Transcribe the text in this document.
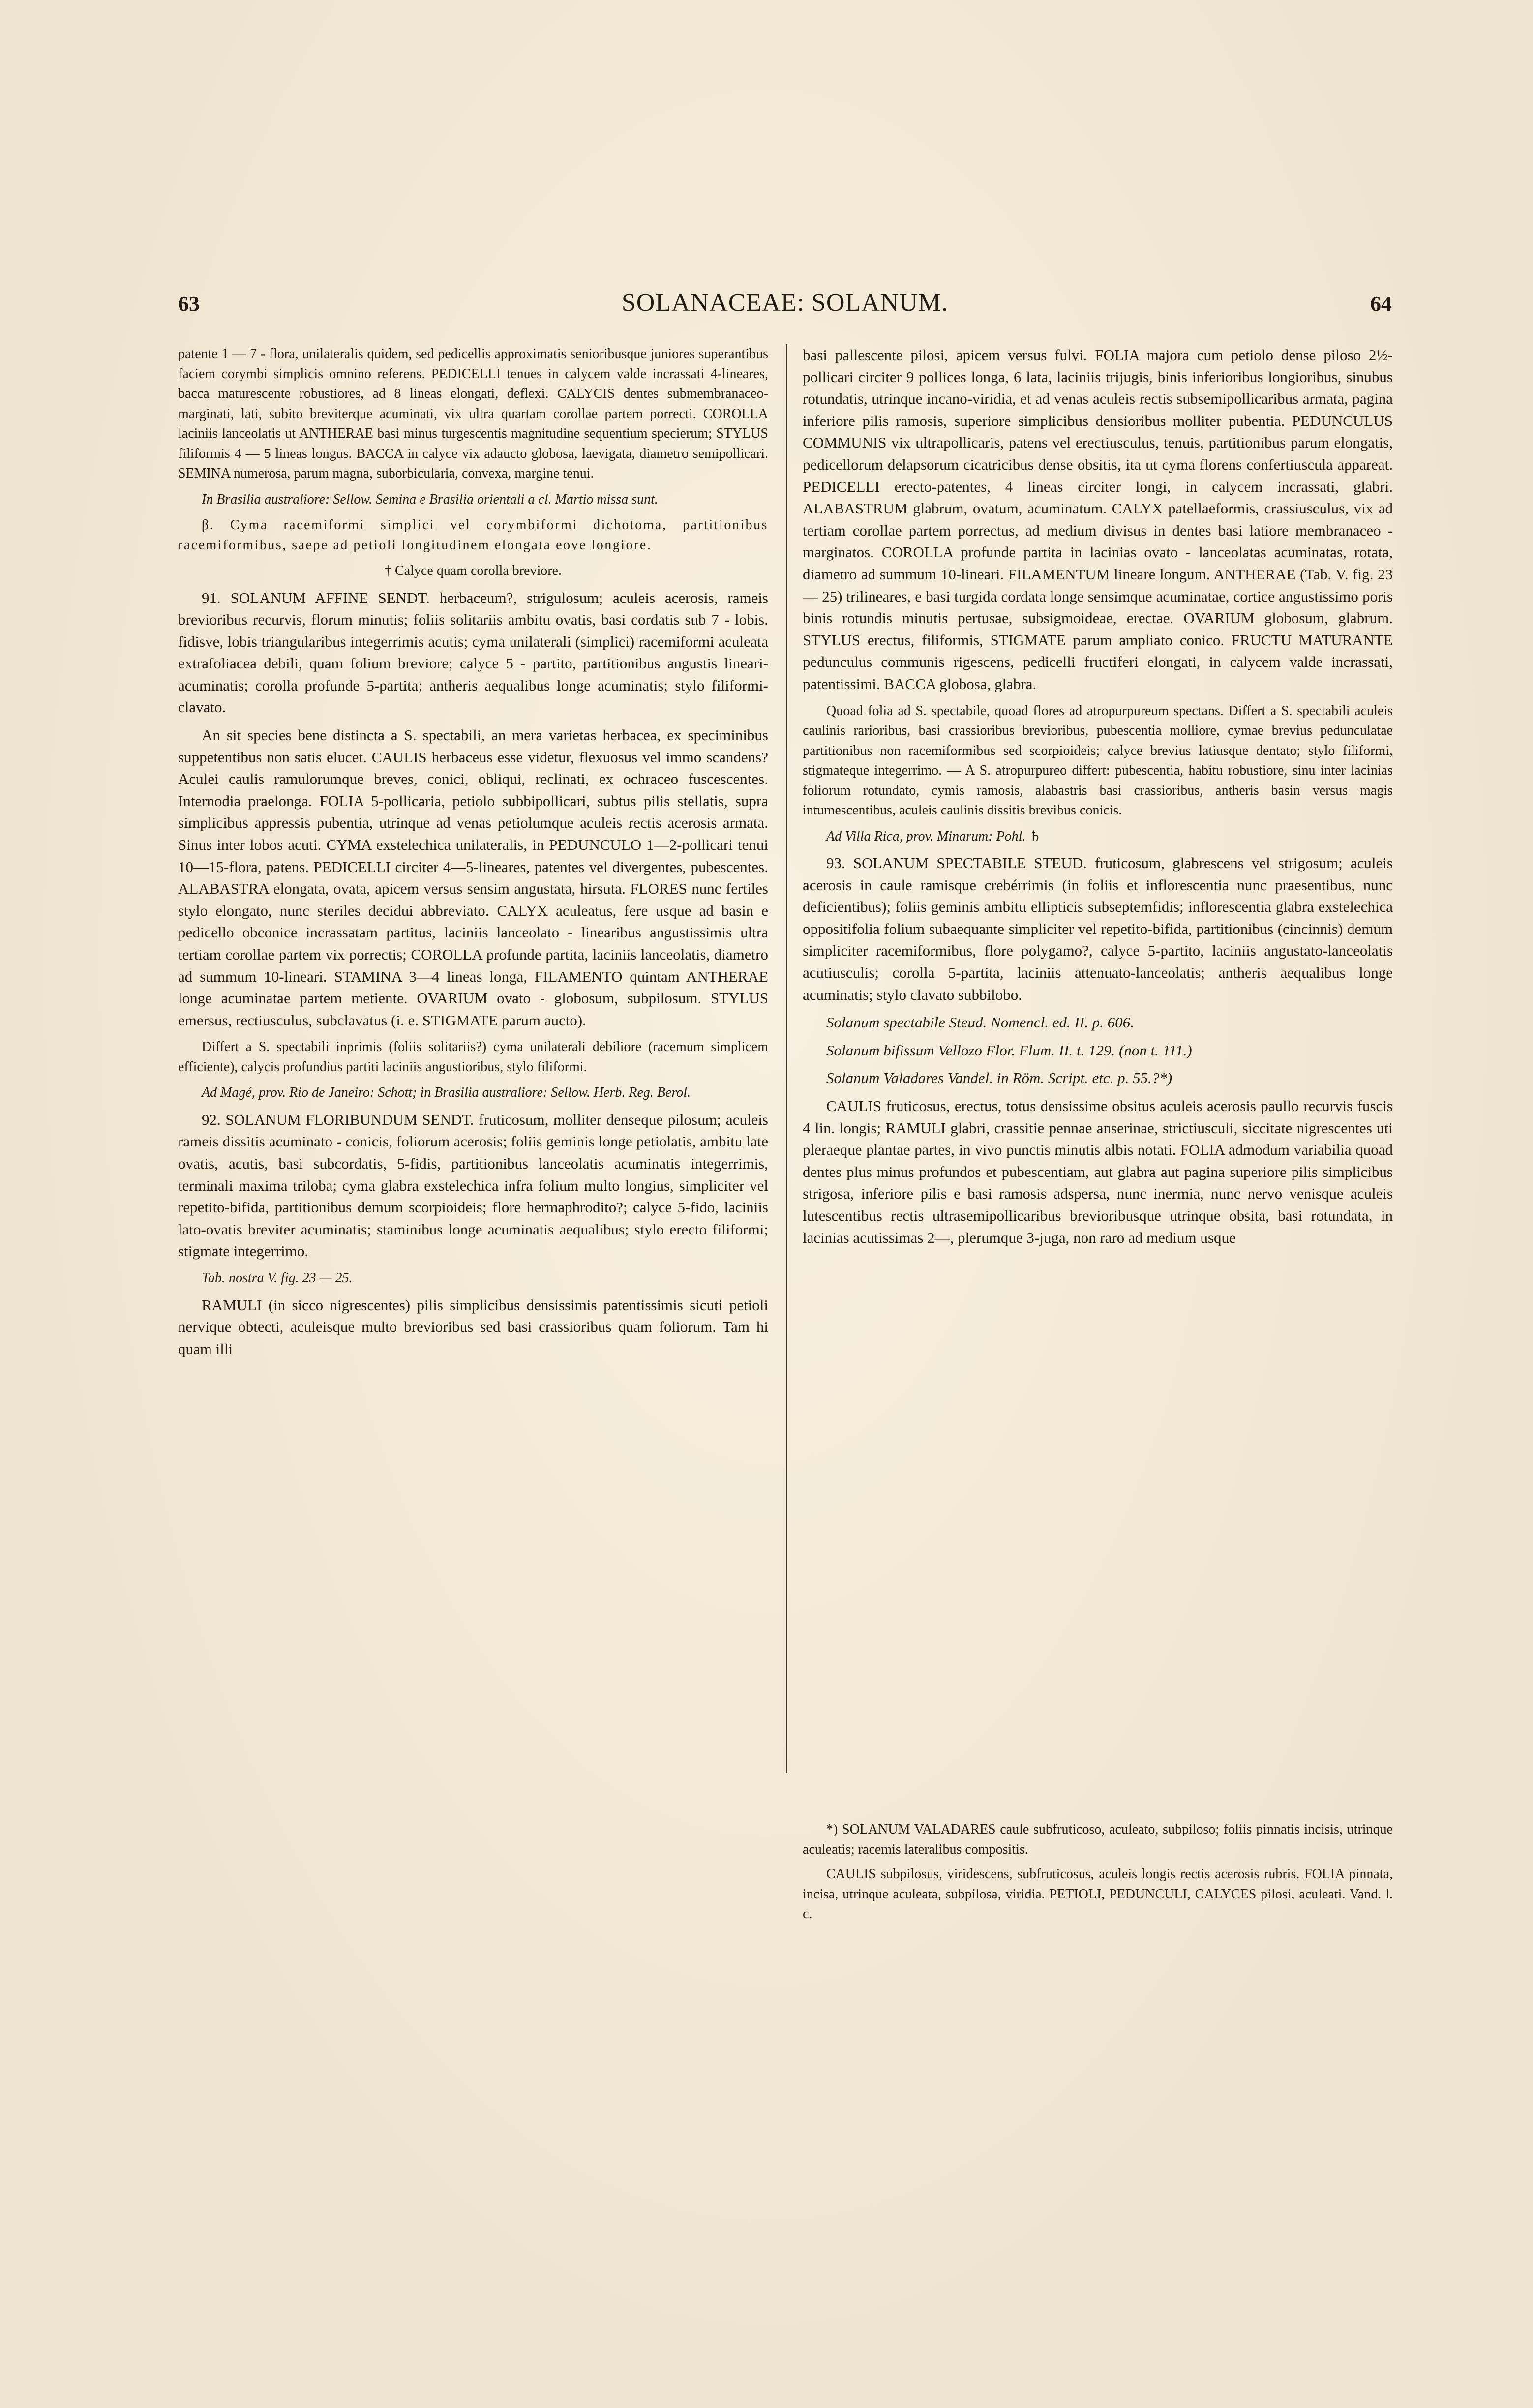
63	SOLANACEAE: SOLANUM.	64

patente 1 — 7 - flora, unilateralis quidem, sed pedicellis approximatis senioribusque juniores superantibus faciem corymbi simplicis omnino referens. PEDICELLI tenues in calycem valde incrassati 4-lineares, bacca maturescente robustiores, ad 8 lineas elongati, deflexi. CALYCIS dentes submembranaceo-marginati, lati, subito breviterque acuminati, vix ultra quartam corollae partem porrecti. COROLLA laciniis lanceolatis ut ANTHERAE basi minus turgescentis magnitudine sequentium specierum; STYLUS filiformis 4 — 5 lineas longus. BACCA in calyce vix adaucto globosa, laevigata, diametro semipollicari. SEMINA numerosa, parum magna, suborbicularia, convexa, margine tenui.

In Brasilia australiore: Sellow. Semina e Brasilia orientali a cl. Martio missa sunt.

β. Cyma racemiformi simplici vel corymbiformi dichotoma, partitionibus racemiformibus, saepe ad petioli longitudinem elongata eove longiore.

† Calyce quam corolla breviore.

91. SOLANUM AFFINE SENDT. herbaceum?, strigulosum; aculeis acerosis, rameis brevioribus recurvis, florum minutis; foliis solitariis ambitu ovatis, basi cordatis sub 7 - lobis. fidisve, lobis triangularibus integerrimis acutis; cyma unilaterali (simplici) racemiformi aculeata extrafoliacea debili, quam folium breviore; calyce 5 - partito, partitionibus angustis lineari-acuminatis; corolla profunde 5-partita; antheris aequalibus longe acuminatis; stylo filiformi-clavato.

An sit species bene distincta a S. spectabili, an mera varietas herbacea, ex speciminibus suppetentibus non satis elucet. CAULIS herbaceus esse videtur, flexuosus vel immo scandens? Aculei caulis ramulorumque breves, conici, obliqui, reclinati, ex ochraceo fuscescentes. Internodia praelonga. FOLIA 5-pollicaria, petiolo subbipollicari, subtus pilis stellatis, supra simplicibus appressis pubentia, utrinque ad venas petiolumque aculeis rectis acerosis armata. Sinus inter lobos acuti. CYMA exstelechica unilateralis, in PEDUNCULO 1—2-pollicari tenui 10—15-flora, patens. PEDICELLI circiter 4—5-lineares, patentes vel divergentes, pubescentes. ALABASTRA elongata, ovata, apicem versus sensim angustata, hirsuta. FLORES nunc fertiles stylo elongato, nunc steriles decidui abbreviato. CALYX aculeatus, fere usque ad basin e pedicello obconice incrassatam partitus, laciniis lanceolato - linearibus angustissimis ultra tertiam corollae partem vix porrectis; COROLLA profunde partita, laciniis lanceolatis, diametro ad summum 10-lineari. STAMINA 3—4 lineas longa, FILAMENTO quintam ANTHERAE longe acuminatae partem metiente. OVARIUM ovato - globosum, subpilosum. STYLUS emersus, rectiusculus, subclavatus (i. e. STIGMATE parum aucto).

Differt a S. spectabili inprimis (foliis solitariis?) cyma unilaterali debiliore (racemum simplicem efficiente), calycis profundius partiti laciniis angustioribus, stylo filiformi.

Ad Magé, prov. Rio de Janeiro: Schott; in Brasilia australiore: Sellow. Herb. Reg. Berol.

92. SOLANUM FLORIBUNDUM SENDT. fruticosum, molliter denseque pilosum; aculeis rameis dissitis acuminato - conicis, foliorum acerosis; foliis geminis longe petiolatis, ambitu late ovatis, acutis, basi subcordatis, 5-fidis, partitionibus lanceolatis acuminatis integerrimis, terminali maxima triloba; cyma glabra exstelechica infra folium multo longius, simpliciter vel repetito-bifida, partitionibus demum scorpioideis; flore hermaphrodito?; calyce 5-fido, laciniis lato-ovatis breviter acuminatis; staminibus longe acuminatis aequalibus; stylo erecto filiformi; stigmate integerrimo.

Tab. nostra V. fig. 23 — 25.

RAMULI (in sicco nigrescentes) pilis simplicibus densissimis patentissimis sicuti petioli nervique obtecti, aculeisque multo brevioribus sed basi crassioribus quam foliorum. Tam hi quam illi

basi pallescente pilosi, apicem versus fulvi. FOLIA majora cum petiolo dense piloso 2½-pollicari circiter 9 pollices longa, 6 lata, laciniis trijugis, binis inferioribus longioribus, sinubus rotundatis, utrinque incano-viridia, et ad venas aculeis rectis subsemipollicaribus armata, pagina inferiore pilis ramosis, superiore simplicibus densioribus molliter pubentia. PEDUNCULUS COMMUNIS vix ultrapollicaris, patens vel erectiusculus, tenuis, partitionibus parum elongatis, pedicellorum delapsorum cicatricibus dense obsitis, ita ut cyma florens confertiuscula appareat. PEDICELLI erecto-patentes, 4 lineas circiter longi, in calycem incrassati, glabri. ALABASTRUM glabrum, ovatum, acuminatum. CALYX patellaeformis, crassiusculus, vix ad tertiam corollae partem porrectus, ad medium divisus in dentes basi latiore membranaceo - marginatos. COROLLA profunde partita in lacinias ovato - lanceolatas acuminatas, rotata, diametro ad summum 10-lineari. FILAMENTUM lineare longum. ANTHERAE (Tab. V. fig. 23 — 25) trilineares, e basi turgida cordata longe sensimque acuminatae, cortice angustissimo poris binis rotundis minutis pertusae, subsigmoideae, erectae. OVARIUM globosum, glabrum. STYLUS erectus, filiformis, STIGMATE parum ampliato conico. FRUCTU MATURANTE pedunculus communis rigescens, pedicelli fructiferi elongati, in calycem valde incrassati, patentissimi. BACCA globosa, glabra.

Quoad folia ad S. spectabile, quoad flores ad atropurpureum spectans. Differt a S. spectabili aculeis caulinis rarioribus, basi crassioribus brevioribus, pubescentia molliore, cymae brevius pedunculatae partitionibus non racemiformibus sed scorpioideis; calyce brevius latiusque dentato; stylo filiformi, stigmateque integerrimo. — A S. atropurpureo differt: pubescentia, habitu robustiore, sinu inter lacinias foliorum rotundato, cymis ramosis, alabastris basi crassioribus, antheris basin versus magis intumescentibus, aculeis caulinis dissitis brevibus conicis.

Ad Villa Rica, prov. Minarum: Pohl. ♄

93. SOLANUM SPECTABILE STEUD. fruticosum, glabrescens vel strigosum; aculeis acerosis in caule ramisque crebérrimis (in foliis et inflorescentia nunc praesentibus, nunc deficientibus); foliis geminis ambitu ellipticis subseptemfidis; inflorescentia glabra exstelechica oppositifolia folium subaequante simpliciter vel repetito-bifida, partitionibus (cincinnis) demum simpliciter racemiformibus, flore polygamo?, calyce 5-partito, laciniis angustato-lanceolatis acutiusculis; corolla 5-partita, laciniis attenuato-lanceolatis; antheris aequalibus longe acuminatis; stylo clavato subbilobo.

Solanum spectabile Steud. Nomencl. ed. II. p. 606.

Solanum bifissum Vellozo Flor. Flum. II. t. 129. (non t. 111.)

Solanum Valadares Vandel. in Röm. Script. etc. p. 55.?*)

CAULIS fruticosus, erectus, totus densissime obsitus aculeis acerosis paullo recurvis fuscis 4 lin. longis; RAMULI glabri, crassitie pennae anserinae, strictiusculi, siccitate nigrescentes uti pleraeque plantae partes, in vivo punctis minutis albis notati. FOLIA admodum variabilia quoad dentes plus minus profundos et pubescentiam, aut glabra aut pagina superiore pilis simplicibus strigosa, inferiore pilis e basi ramosis adspersa, nunc inermia, nunc nervo venisque aculeis lutescentibus rectis ultrasemipollicaribus brevioribusque utrinque obsita, basi rotundata, in lacinias acutissimas 2—, plerumque 3-juga, non raro ad medium usque

*) SOLANUM VALADARES caule subfruticoso, aculeato, subpiloso; foliis pinnatis incisis, utrinque aculeatis; racemis lateralibus compositis.

CAULIS subpilosus, viridescens, subfruticosus, aculeis longis rectis acerosis rubris. FOLIA pinnata, incisa, utrinque aculeata, subpilosa, viridia. PETIOLI, PEDUNCULI, CALYCES pilosi, aculeati. Vand. l. c.
